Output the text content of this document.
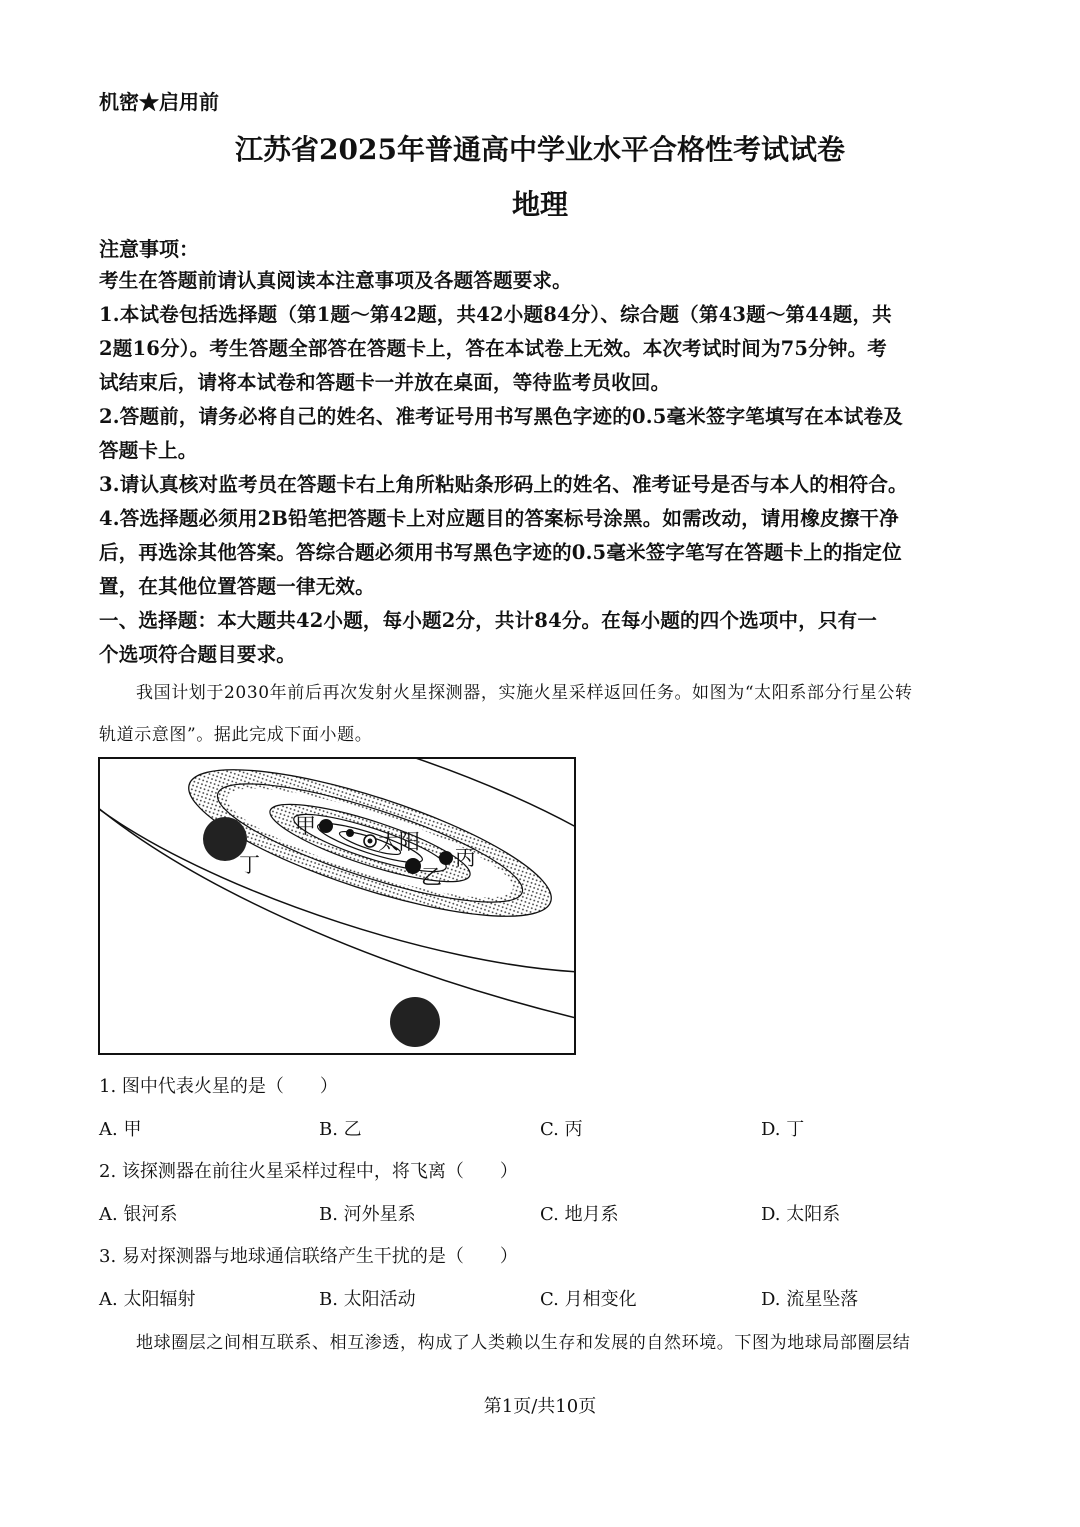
机密★启用前
江苏省2025年普通高中学业水平合格性考试试卷
地理
注意事项：
考生在答题前请认真阅读本注意事项及各题答题要求。
1.本试卷包括选择题（第1题～第42题，共42小题84分）、综合题（第43题～第44题，共
2题16分）。考生答题全部答在答题卡上，答在本试卷上无效。本次考试时间为75分钟。考
试结束后，请将本试卷和答题卡一并放在桌面，等待监考员收回。
2.答题前，请务必将自己的姓名、准考证号用书写黑色字迹的0.5毫米签字笔填写在本试卷及
答题卡上。
3.请认真核对监考员在答题卡右上角所粘贴条形码上的姓名、准考证号是否与本人的相符合。
4.答选择题必须用2B铅笔把答题卡上对应题目的答案标号涂黑。如需改动，请用橡皮擦干净
后，再选涂其他答案。答综合题必须用书写黑色字迹的0.5毫米签字笔写在答题卡上的指定位
置，在其他位置答题一律无效。
一、选择题：本大题共42小题，每小题2分，共计84分。在每小题的四个选项中，只有一
个选项符合题目要求。
我国计划于2030年前后再次发射火星探测器，实施火星采样返回任务。如图为“太阳系部分行星公转
轨道示意图”。据此完成下面小题。
甲
太阳
乙
丙
丁
1. 图中代表火星的是（　　）
A. 甲	B. 乙	C. 丙	D. 丁
2. 该探测器在前往火星采样过程中，将飞离（　　）
A. 银河系	B. 河外星系	C. 地月系	D. 太阳系
3. 易对探测器与地球通信联络产生干扰的是（　　）
A. 太阳辐射	B. 太阳活动	C. 月相变化	D. 流星坠落
地球圈层之间相互联系、相互渗透，构成了人类赖以生存和发展的自然环境。下图为地球局部圈层结
第1页/共10页
